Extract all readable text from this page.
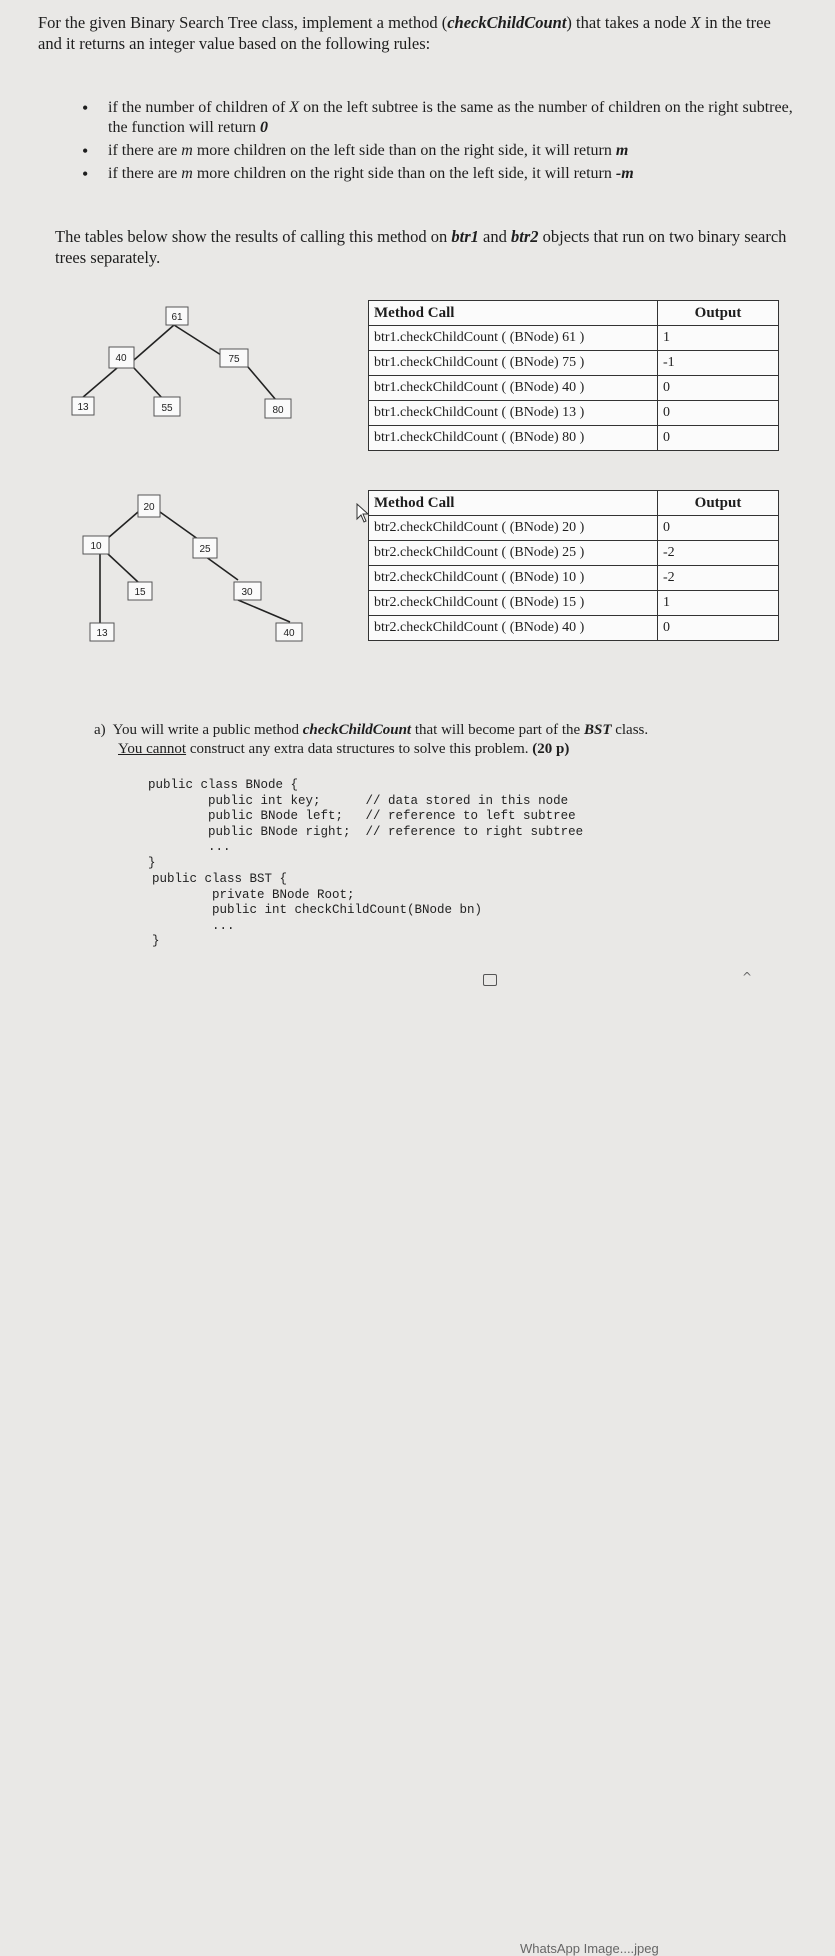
For the given Binary Search Tree class, implement a method (checkChildCount) that takes a node X in the tree and it returns an integer value based on the following rules:
• if the number of children of X on the left subtree is the same as the number of children on the right subtree, the function will return 0
• if there are m more children on the left side than on the right side, it will return m
• if there are m more children on the right side than on the left side, it will return -m
The tables below show the results of calling this method on btr1 and btr2 objects that run on two binary search trees separately.
61
40	75
13	55	80
20
10	25
15	30
13	40
Method Call	Output
btr1.checkChildCount ( (BNode) 61 )	1
btr1.checkChildCount ( (BNode) 75 )	-1
btr1.checkChildCount ( (BNode) 40 )	0
btr1.checkChildCount ( (BNode) 13 )	0
btr1.checkChildCount ( (BNode) 80 )	0
Method Call	Output
btr2.checkChildCount ( (BNode) 20 )	0
btr2.checkChildCount ( (BNode) 25 )	-2
btr2.checkChildCount ( (BNode) 10 )	-2
btr2.checkChildCount ( (BNode) 15 )	1
btr2.checkChildCount ( (BNode) 40 )	0
a) You will write a public method checkChildCount that will become part of the BST class.
You cannot construct any extra data structures to solve this problem. (20 p)
public class BNode {
public int key;      // data stored in this node
public BNode left;   // reference to left subtree
public BNode right;  // reference to right subtree
...
}
public class BST {
private BNode Root;
public int checkChildCount(BNode bn)
...
}
WhatsApp Image....jpeg
^
